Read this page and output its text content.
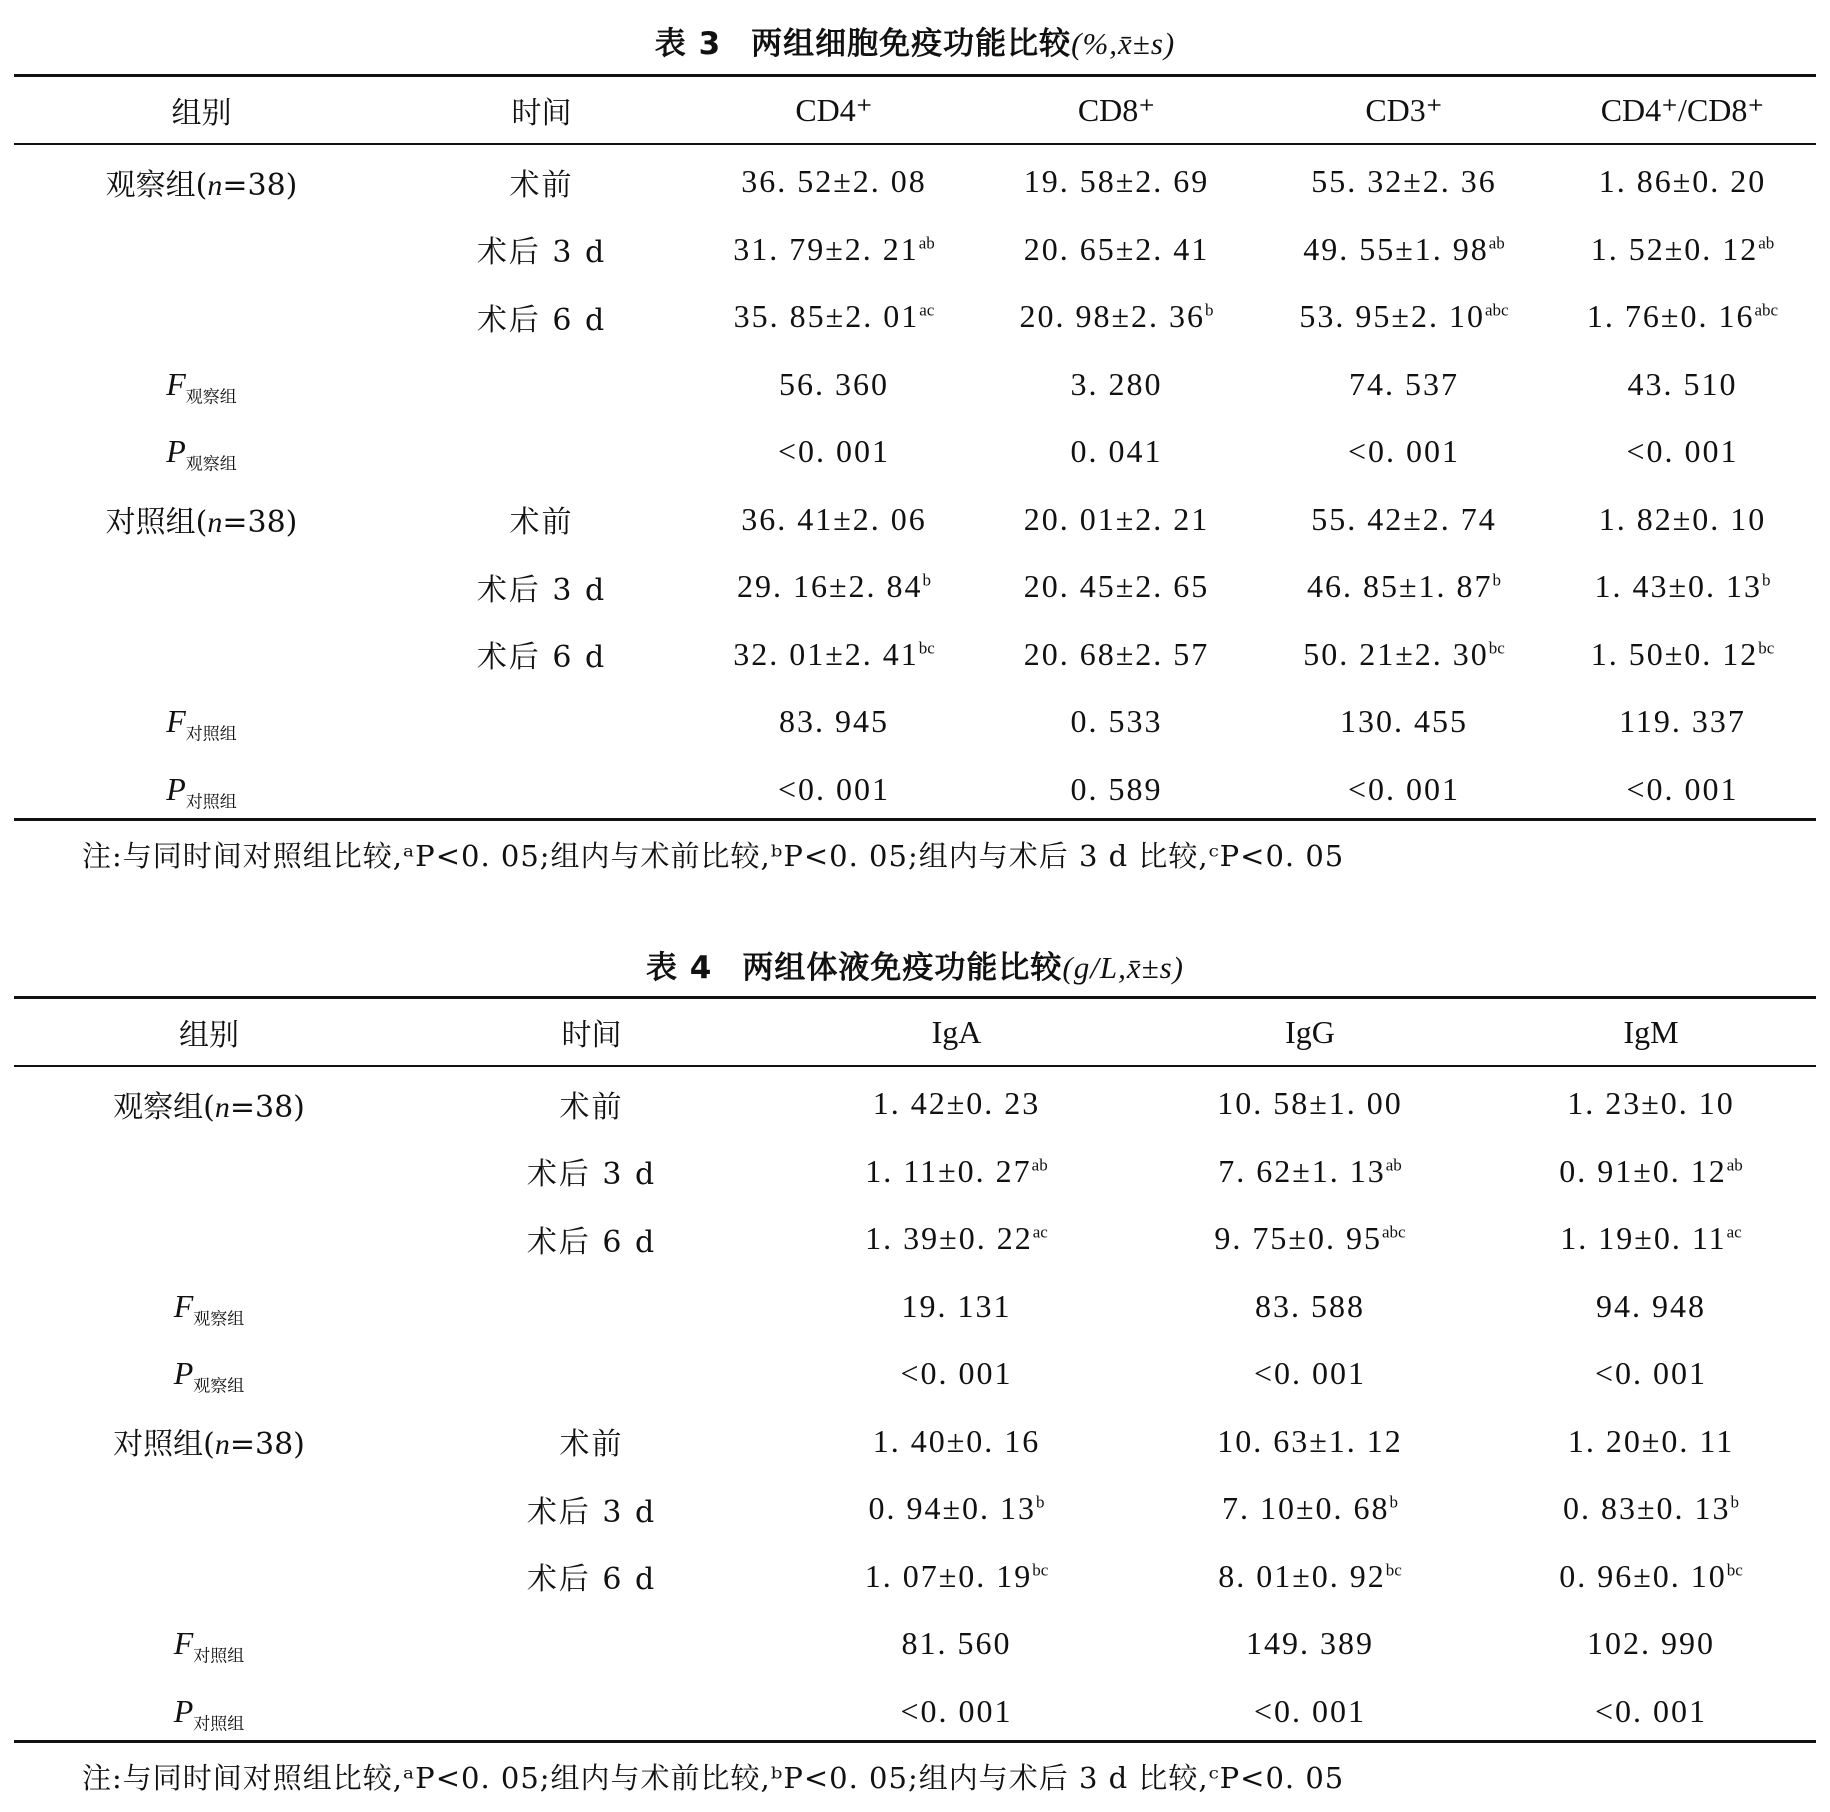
表 3 两组细胞免疫功能比较(%,x̄±s)
组别	时间	CD4⁺	CD8⁺	CD3⁺	CD4⁺/CD8⁺

观察组(n=38)	术前	36. 52±2. 08	19. 58±2. 69	55. 32±2. 36	1. 86±0. 20
	术后 3 d	31. 79±2. $21^{ab}$	20. 65±2. 41	49. 55±1. $98^{ab}$	1. 52±0. $12^{ab}$
	术后 6 d	35. 85±2. $01^{ac}$	20. 98±2. 36$^b$	53. 95±2. $10^{abc}$	1. 76±0. $16^{abc}$
$F_{观察组}$		56. 360	3. 280	74. 537	43. 510
$P_{观察组}$		<0. 001	0. 041	<0. 001	<0. 001
对照组(n=38)	术前	36. 41±2. 06	20. 01±2. 21	55. 42±2. 74	1. 82±0. 10
	术后 3 d	29. 16±2. 84$^b$	20. 45±2. 65	46. 85±1. 87$^b$	1. 43±0. 13$^b$
	术后 6 d	32. 01±2. $41^{bc}$	20. 68±2. 57	50. 21±2. $30^{bc}$	1. 50±0. $12^{bc}$
$F_{对照组}$		83. 945	0. 533	130. 455	119. 337
$P_{对照组}$		<0. 001	0. 589	<0. 001	<0. 001
注:与同时间对照组比较,ᵃP<0. 05;组内与术前比较,ᵇP<0. 05;组内与术后 3 d 比较,ᶜP<0. 05
表 4 两组体液免疫功能比较(g/L,x̄±s)
组别	时间	IgA	IgG	IgM

观察组(n=38)	术前	1. 42±0. 23	10. 58±1. 00	1. 23±0. 10
	术后 3 d	1. 11±0. $27^{ab}$	7. 62±1. $13^{ab}$	0. 91±0. $12^{ab}$
	术后 6 d	1. 39±0. $22^{ac}$	9. 75±0. $95^{abc}$	1. 19±0. $11^{ac}$
$F_{观察组}$		19. 131	83. 588	94. 948
$P_{观察组}$		<0. 001	<0. 001	<0. 001
对照组(n=38)	术前	1. 40±0. 16	10. 63±1. 12	1. 20±0. 11
	术后 3 d	0. 94±0. 13$^b$	7. 10±0. 68$^b$	0. 83±0. 13$^b$
	术后 6 d	1. 07±0. $19^{bc}$	8. 01±0. $92^{bc}$	0. 96±0. $10^{bc}$
$F_{对照组}$		81. 560	149. 389	102. 990
$P_{对照组}$		<0. 001	<0. 001	<0. 001
注:与同时间对照组比较,ᵃP<0. 05;组内与术前比较,ᵇP<0. 05;组内与术后 3 d 比较,ᶜP<0. 05
